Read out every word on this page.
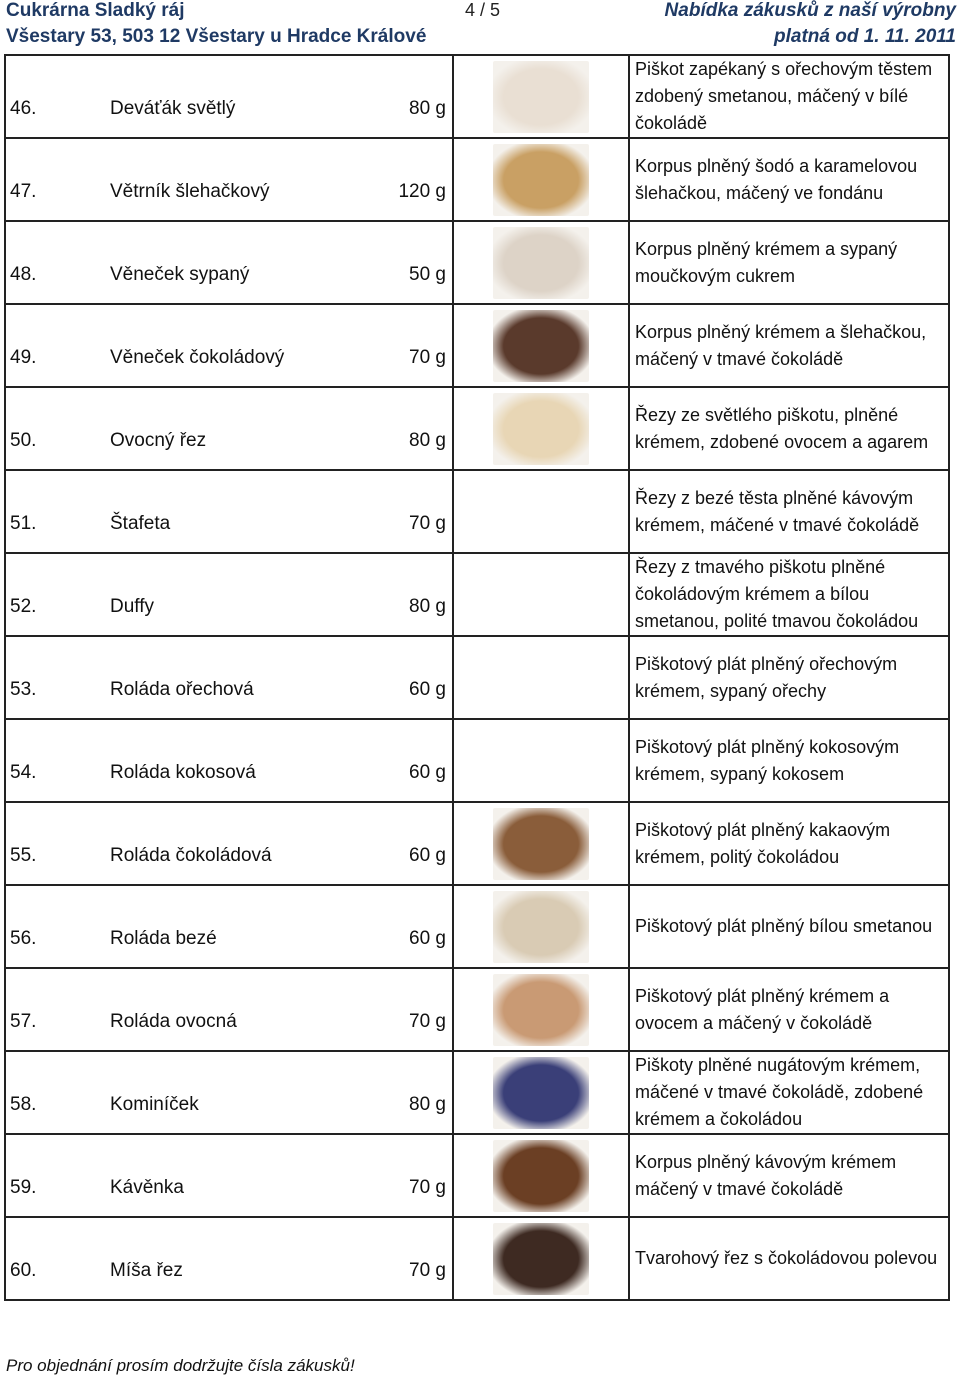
Cukrárna Sladký ráj	4 / 5	Nabídka zákusků z naší výrobny
Všestary 53, 503 12 Všestary u Hradce Králové	platná od 1. 11. 2011
46.	Deváťák světlý	80 g		Piškot zapékaný s ořechovým těstem zdobený smetanou, máčený v bílé čokoládě
47.	Větrník šlehačkový	120 g		Korpus plněný šodó a karamelovou šlehačkou, máčený ve fondánu
48.	Věneček sypaný	50 g		Korpus plněný krémem a sypaný moučkovým cukrem
49.	Věneček čokoládový	70 g		Korpus plněný krémem a šlehačkou, máčený v tmavé čokoládě
50.	Ovocný řez	80 g		Řezy ze světlého piškotu, plněné krémem, zdobené ovocem a agarem
51.	Štafeta	70 g		Řezy z bezé těsta plněné kávovým krémem, máčené v tmavé čokoládě
52.	Duffy	80 g		Řezy z tmavého piškotu plněné čokoládovým krémem a bílou smetanou, polité tmavou čokoládou
53.	Roláda ořechová	60 g		Piškotový plát plněný ořechovým krémem, sypaný ořechy
54.	Roláda kokosová	60 g		Piškotový plát plněný kokosovým krémem, sypaný kokosem
55.	Roláda čokoládová	60 g		Piškotový plát plněný kakaovým krémem, politý čokoládou
56.	Roláda bezé	60 g		Piškotový plát plněný bílou smetanou
57.	Roláda ovocná	70 g		Piškotový plát plněný krémem a ovocem a máčený v čokoládě
58.	Kominíček	80 g		Piškoty plněné nugátovým krémem, máčené v tmavé čokoládě, zdobené krémem a čokoládou
59.	Kávěnka	70 g		Korpus plněný kávovým krémem máčený v tmavé čokoládě
60.	Míša řez	70 g		Tvarohový řez s čokoládovou polevou
Pro objednání prosím dodržujte čísla zákusků!
